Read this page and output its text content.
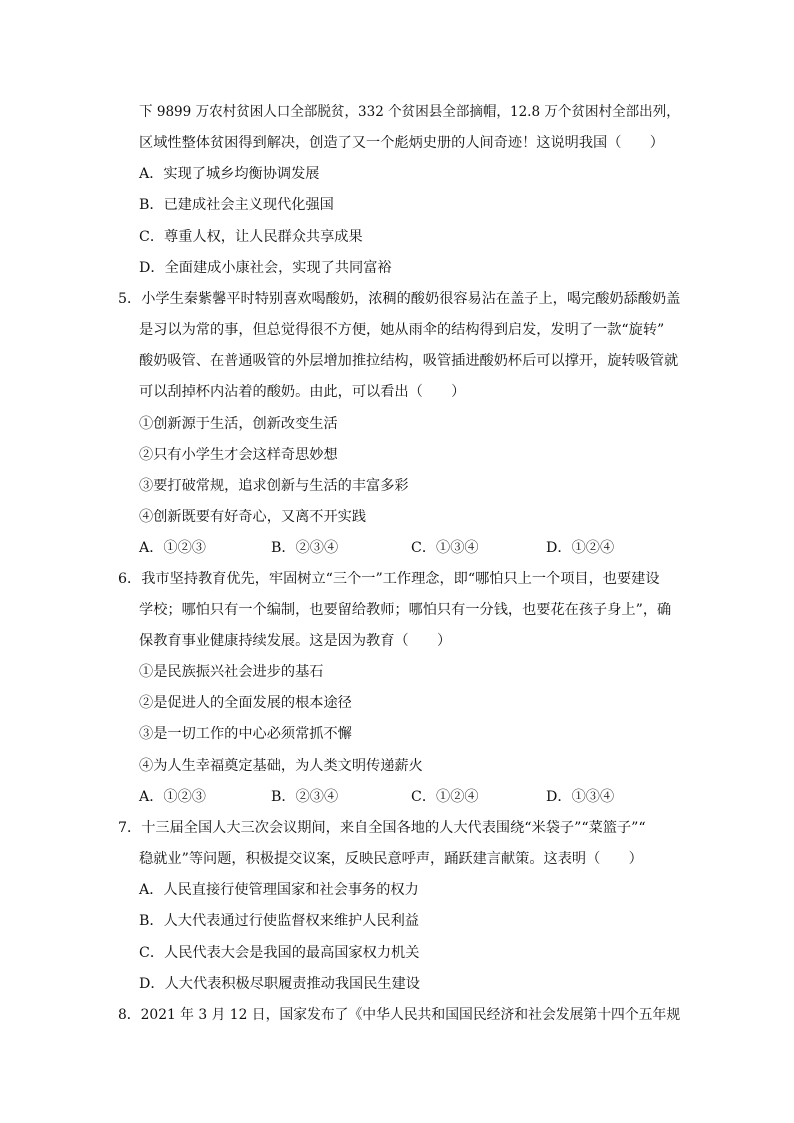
下 9899 万农村贫困人口全部脱贫，332 个贫困县全部摘帽，12.8 万个贫困村全部出列，
区域性整体贫困得到解决，创造了又一个彪炳史册的人间奇迹！这说明我国（　　）
A．实现了城乡均衡协调发展
B．已建成社会主义现代化强国
C．尊重人权，让人民群众共享成果
D．全面建成小康社会，实现了共同富裕
5．小学生秦紫馨平时特别喜欢喝酸奶，浓稠的酸奶很容易沾在盖子上，喝完酸奶舔酸奶盖
是习以为常的事，但总觉得很不方便，她从雨伞的结构得到启发，发明了一款“旋转”
酸奶吸管、在普通吸管的外层增加推拉结构，吸管插进酸奶杯后可以撑开，旋转吸管就
可以刮掉杯内沾着的酸奶。由此，可以看出（　　）
①创新源于生活，创新改变生活
②只有小学生才会这样奇思妙想
③要打破常规，追求创新与生活的丰富多彩
④创新既要有好奇心，又离不开实践
A．①②③	B．②③④	C．①③④	D．①②④
6．我市坚持教育优先，牢固树立“三个一”工作理念，即“哪怕只上一个项目，也要建设
学校；哪怕只有一个编制，也要留给教师；哪怕只有一分钱，也要花在孩子身上”，确
保教育事业健康持续发展。这是因为教育（　　）
①是民族振兴社会进步的基石
②是促进人的全面发展的根本途径
③是一切工作的中心必须常抓不懈
④为人生幸福奠定基础，为人类文明传递薪火
A．①②③	B．②③④	C．①②④	D．①③④
7．十三届全国人大三次会议期间，来自全国各地的人大代表围绕“米袋子”“菜篮子”“
稳就业”等问题，积极提交议案，反映民意呼声，踊跃建言献策。这表明（　　）
A．人民直接行使管理国家和社会事务的权力
B．人大代表通过行使监督权来维护人民利益
C．人民代表大会是我国的最高国家权力机关
D．人大代表积极尽职履责推动我国民生建设
8．2021 年 3 月 12 日，国家发布了《中华人民共和国国民经济和社会发展第十四个五年规
